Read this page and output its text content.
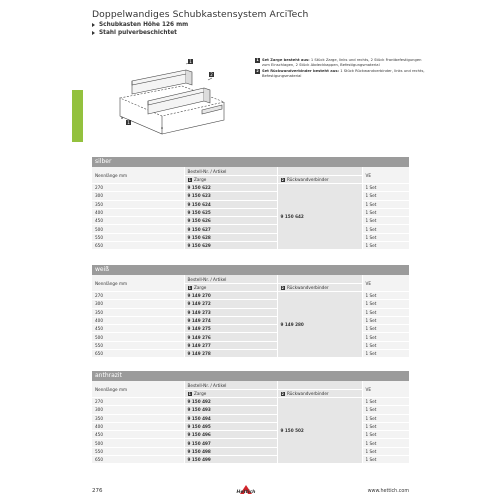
Doppelwandiges Schubkastensystem ArciTech
Schubkasten Höhe 126 mm
Stahl pulverbeschichtet
1
2
1
1 Set Zarge besteht aus: 1 Stück Zarge, links und rechts, 2 Stück Frontbefestigungen zum Einschlagen, 2 Stück Abdeckkappen, Befestigungsmaterial
2 Set Rückwandverbinder besteht aus: 1 Stück Rückwandverbinder, links und rechts, Befestigungsmaterial
silber
Nennlänge mm	Bestell-Nr. / Artikel		VE
	1 Zarge	2 Rückwandverbinder	
270	9 150 622	9 150 642	1 Set
300	9 150 623		1 Set
350	9 150 624		1 Set
400	9 150 625		1 Set
450	9 150 626		1 Set
500	9 150 627		1 Set
550	9 150 628		1 Set
650	9 150 629		1 Set
weiß
Nennlänge mm	Bestell-Nr. / Artikel		VE
	1 Zarge	2 Rückwandverbinder	
270	9 149 270	9 149 280	1 Set
300	9 149 272		1 Set
350	9 149 273		1 Set
400	9 149 274		1 Set
450	9 149 275		1 Set
500	9 149 276		1 Set
550	9 149 277		1 Set
650	9 149 278		1 Set
anthrazit
Nennlänge mm	Bestell-Nr. / Artikel		VE
	1 Zarge	2 Rückwandverbinder	
270	9 150 492	9 150 502	1 Set
300	9 150 493		1 Set
350	9 150 494		1 Set
400	9 150 495		1 Set
450	9 150 496		1 Set
500	9 150 497		1 Set
550	9 150 498		1 Set
650	9 150 499		1 Set
276	Hettich	www.hettich.com
